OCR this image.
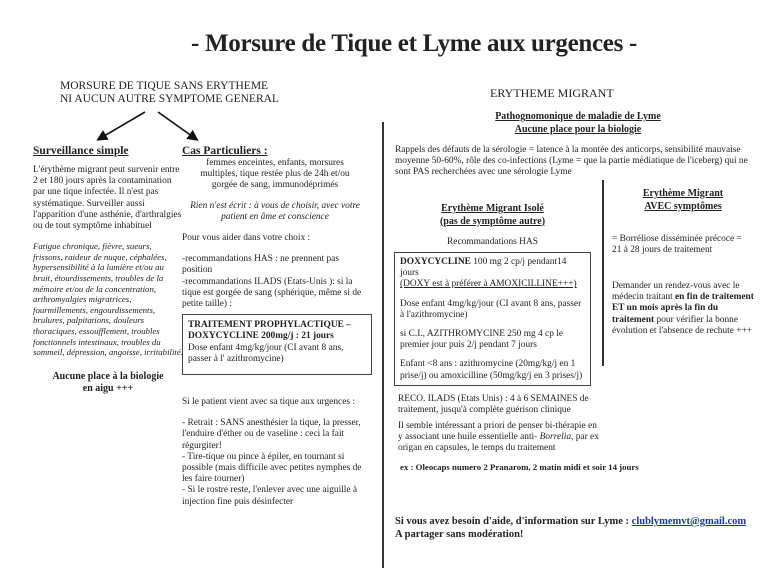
- Morsure de Tique et Lyme aux urgences -
MORSURE DE TIQUE SANS ERYTHEME
NI AUCUN AUTRE SYMPTOME GENERAL
Surveillance simple
L'érythème migrant peut survenir entre 2 et 180 jours après la contamination par une tique infectée. Il n'est pas systématique. Surveiller aussi l'apparition d'une asthénie, d'arthralgies ou de tout symptôme inhabituel
Fatigue chronique, fièvre, sueurs, frissons, raideur de nuque, céphalées, hypersensibilité à la lumière et/ou au bruit, étourdissements, troubles de la mémoire et/ou de la concentration, arthromyalgies migratrices, fourmillements, engourdissements, brulures, palpitations, douleurs thoraciques, essoufflement, troubles fonctionnels intestinaux, troubles du sommeil, dépression, angoisse, irritabilité.
Aucune place à la biologie
en aigu +++
Cas Particuliers :
femmes enceintes, enfants, morsures multiples, tique restée plus de 24h et/ou gorgée de sang, immunodéprimés
Rien n'est écrit : à vous de choisir, avec votre patient en âme et conscience
Pour vous aider dans votre choix :
-recommandations HAS : ne prennent pas position
-recommandations ILADS (Etats-Unis ): si la tique est gorgée de sang (sphérique, même si de petite taille) :
TRAITEMENT PROPHYLACTIQUE – DOXYCYCLINE 200mg/j : 21 jours
Dose enfant 4mg/kg/jour (CI avant 8 ans, passer à l' azithromycine)
Si le patient vient avec sa tique aux urgences :
- Retrait : SANS anesthésier la tique, la presser, l'enduire d'éther ou de vaseline : ceci la fait régurgiter!
- Tire-tique ou pince à épiler, en tournant si possible (mais difficile avec petites nymphes de les faire tourner)
- Si le rostre reste, l'enlever avec une aiguille à injection fine puis désinfecter
ERYTHEME MIGRANT
Pathognomonique de maladie de Lyme
Aucune place pour la biologie
Rappels des défauts de la sérologie = latence à la montée des anticorps, sensibilité mauvaise moyenne 50-60%, rôle des co-infections (Lyme = que la partie médiatique de l'iceberg) qui ne sont PAS recherchées avec une sérologie Lyme
Erythème Migrant Isolé
(pas de symptôme autre)
Recommandations HAS
DOXYCYCLINE 100 mg 2 cp/j pendant14 jours
(DOXY est à préférer à AMOXICILLINE+++)
Dose enfant 4mg/kg/jour (CI avant 8 ans, passer à l'azithromycine)
si C.I., AZITHROMYCINE 250 mg 4 cp le premier jour puis 2/j pendant 7 jours
Enfant <8 ans : azithromycine (20mg/kg/j en 1 prise/j) ou amoxicilline (50mg/kg/j en 3 prises/j)
RECO. ILADS (Etats Unis) : 4 à 6 SEMAINES de traitement, jusqu'à complète guérison clinique
Il semble intéressant a priori de penser bi-thérapie en y associant une huile essentielle anti- Borrelia, par ex origan en capsules, le temps du traitement
ex : Oleocaps numero 2 Pranarom, 2 matin midi et soir 14 jours
Erythème Migrant
AVEC symptômes
= Borréliose disséminée précoce = 21 à 28 jours de traitement
Demander un rendez-vous avec le médecin traitant en fin de traitement ET un mois après la fin du traitement pour vérifier la bonne évolution et l'absence de rechute +++
Si vous avez besoin d'aide, d'information sur Lyme : clublymemvt@gmail.com
A partager sans modération!
